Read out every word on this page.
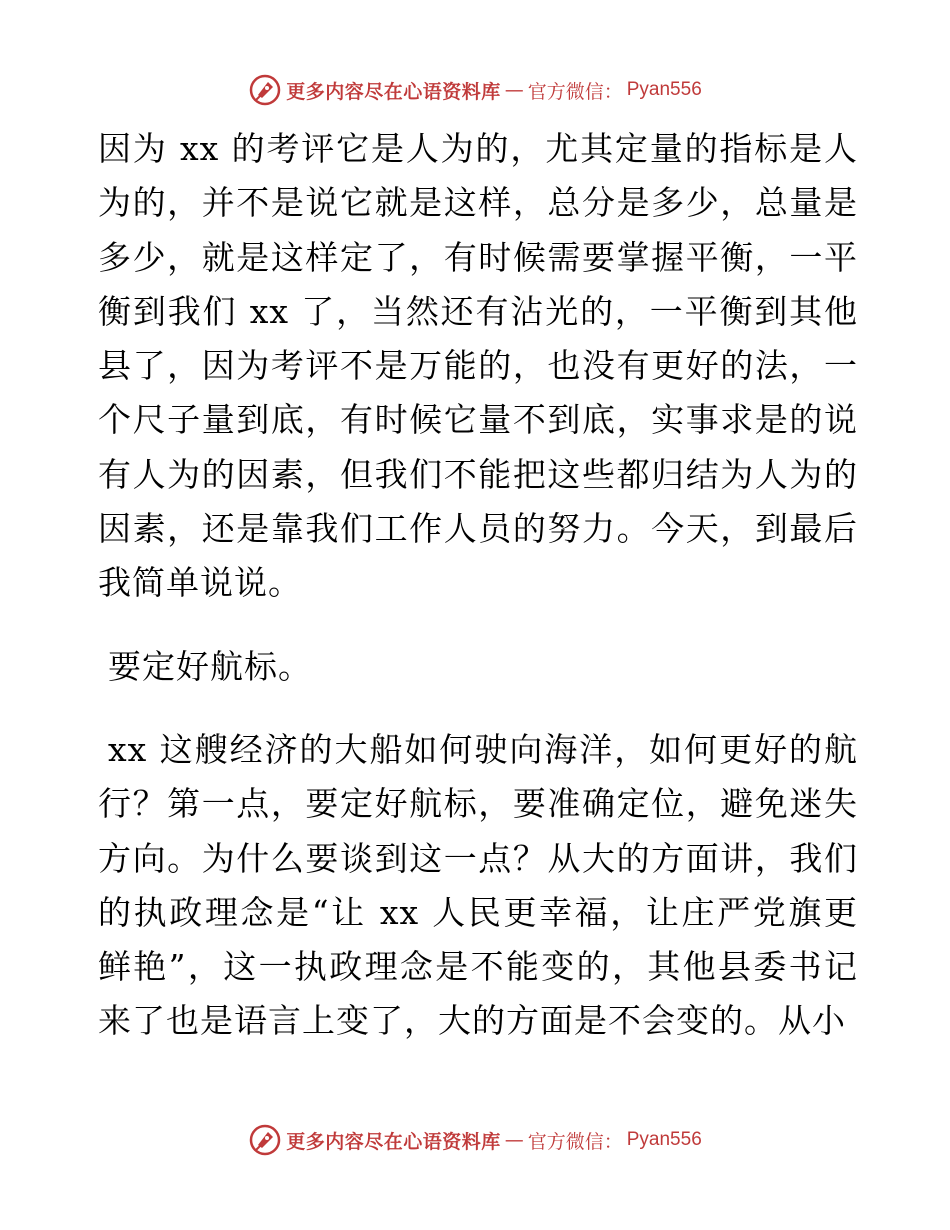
更多内容尽在心语资料库 — 官方微信： Pyan556

因为 xx 的考评它是人为的，尤其定量的指标是人为的，并不是说它就是这样，总分是多少，总量是多少，就是这样定了，有时候需要掌握平衡，一平衡到我们 xx 了，当然还有沾光的，一平衡到其他县了，因为考评不是万能的，也没有更好的法，一个尺子量到底，有时候它量不到底，实事求是的说有人为的因素，但我们不能把这些都归结为人为的因素，还是靠我们工作人员的努力。今天，到最后我简单说说。

要定好航标。

xx 这艘经济的大船如何驶向海洋，如何更好的航行？第一点，要定好航标，要准确定位，避免迷失方向。为什么要谈到这一点？从大的方面讲，我们的执政理念是“让 xx 人民更幸福，让庄严党旗更鲜艳”，这一执政理念是不能变的，其他县委书记来了也是语言上变了，大的方面是不会变的。从小

更多内容尽在心语资料库 — 官方微信： Pyan556
